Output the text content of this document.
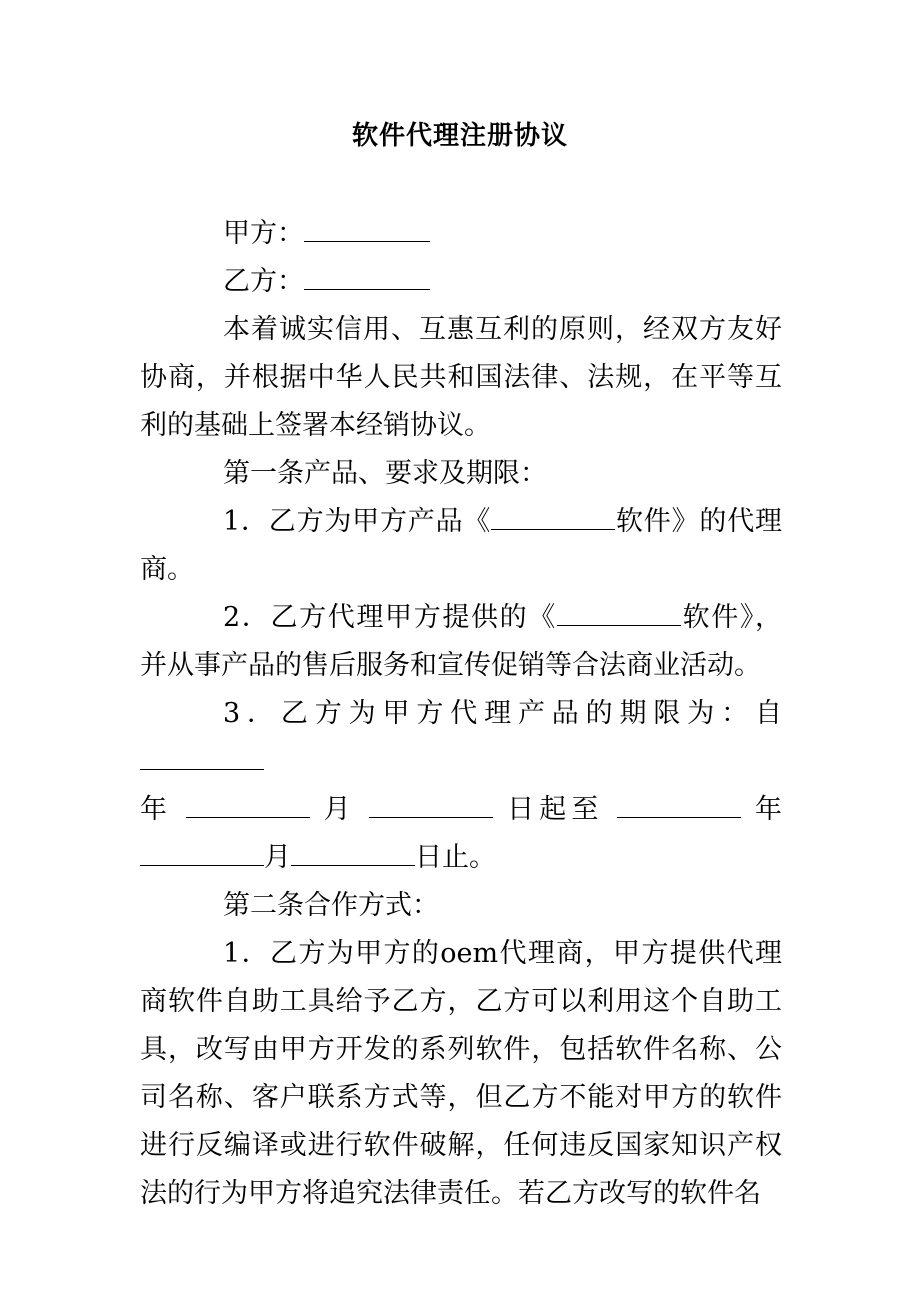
软件代理注册协议

甲方：

乙方：

本着诚实信用、互惠互利的原则，经双方友好协商，并根据中华人民共和国法律、法规，在平等互利的基础上签署本经销协议。

第一条产品、要求及期限：

1．乙方为甲方产品《	软件》的代理商。

2．乙方代理甲方提供的《	软件》，并从事产品的售后服务和宣传促销等合法商业活动。

3．乙方为甲方代理产品的期限为：自

年	月	日起至	年

月	日止。

第二条合作方式：

1．乙方为甲方的oem代理商，甲方提供代理商软件自助工具给予乙方，乙方可以利用这个自助工具，改写由甲方开发的系列软件，包括软件名称、公司名称、客户联系方式等，但乙方不能对甲方的软件进行反编译或进行软件破解，任何违反国家知识产权法的行为甲方将追究法律责任。若乙方改写的软件名
